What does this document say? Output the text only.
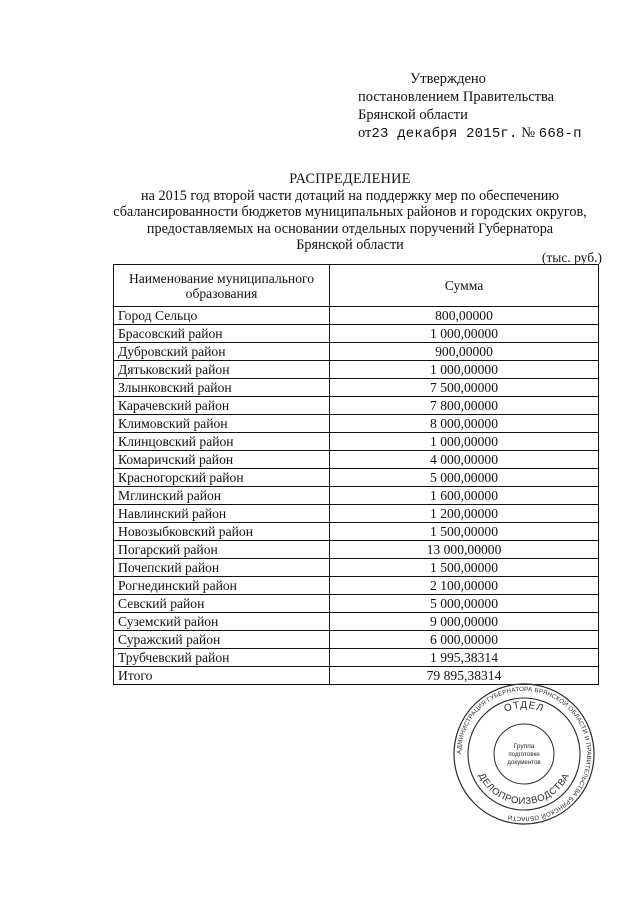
Утверждено
постановлением Правительства
Брянской области
от23 декабря 2015г. № 668-п
РАСПРЕДЕЛЕНИЕ
на 2015 год второй части дотаций на поддержку мер по обеспечению
сбалансированности бюджетов муниципальных районов и городских округов,
предоставляемых на основании отдельных поручений Губернатора
Брянской области
(тыс. руб.)
Наименование муниципального
образования	Сумма
Город Сельцо	800,00000
Брасовский район	1 000,00000
Дубровский район	900,00000
Дятьковский район	1 000,00000
Злынковский район	7 500,00000
Карачевский район	7 800,00000
Климовский район	8 000,00000
Клинцовский район	1 000,00000
Комаричский район	4 000,00000
Красногорский район	5 000,00000
Мглинский район	1 600,00000
Навлинский район	1 200,00000
Новозыбковский район	1 500,00000
Погарский район	13 000,00000
Почепский район	1 500,00000
Рогнединский район	2 100,00000
Севский район	5 000,00000
Суземский район	9 000,00000
Суражский район	6 000,00000
Трубчевский район	1 995,38314
Итого	79 895,38314
АДМИНИСТРАЦИЯ ГУБЕРНАТОРА БРЯНСКОЙ ОБЛАСТИ И ПРАВИТЕЛЬСТВА БРЯНСКОЙ ОБЛАСТИ
ОТДЕЛ
ДЕЛОПРОИЗВОДСТВА
Группа
подготовки
документов
